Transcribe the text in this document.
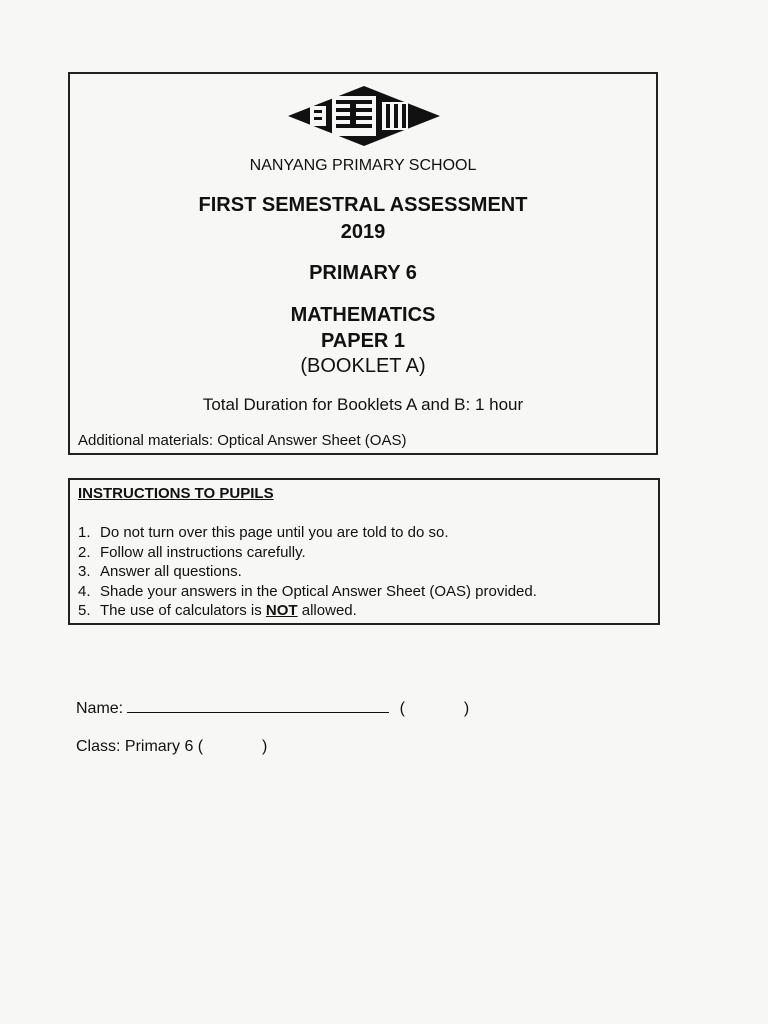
NANYANG PRIMARY SCHOOL
FIRST SEMESTRAL ASSESSMENT
2019
PRIMARY 6
MATHEMATICS
PAPER 1
(BOOKLET A)
Total Duration for Booklets A and B: 1 hour
Additional materials: Optical Answer Sheet (OAS)
INSTRUCTIONS TO PUPILS
1. Do not turn over this page until you are told to do so.
2. Follow all instructions carefully.
3. Answer all questions.
4. Shade your answers in the Optical Answer Sheet (OAS) provided.
5. The use of calculators is NOT allowed.
Name:	(	)
Class: Primary 6 (	)
